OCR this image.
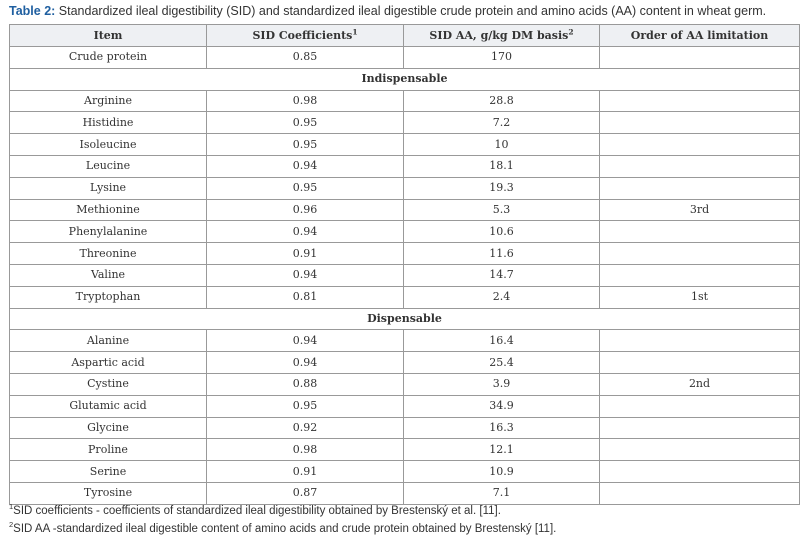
Table 2: Standardized ileal digestibility (SID) and standardized ileal digestible crude protein and amino acids (AA) content in wheat germ.
Item	SID Coefficients$^1$	SID AA, g/kg DM basis$^2$	Order of AA limitation
Crude protein	0.85	170	
Indispensable			
Arginine	0.98	28.8	
Histidine	0.95	7.2	
Isoleucine	0.95	10	
Leucine	0.94	18.1	
Lysine	0.95	19.3	
Methionine	0.96	5.3	3rd
Phenylalanine	0.94	10.6	
Threonine	0.91	11.6	
Valine	0.94	14.7	
Tryptophan	0.81	2.4	1st
Dispensable			
Alanine	0.94	16.4	
Aspartic acid	0.94	25.4	
Cystine	0.88	3.9	2nd
Glutamic acid	0.95	34.9	
Glycine	0.92	16.3	
Proline	0.98	12.1	
Serine	0.91	10.9	
Tyrosine	0.87	7.1	
$^1$SID coefficients - coefficients of standardized ileal digestibility obtained by Brestenský et al. [11].
$^2$SID AA -standardized ileal digestible content of amino acids and crude protein obtained by Brestenský [11].
